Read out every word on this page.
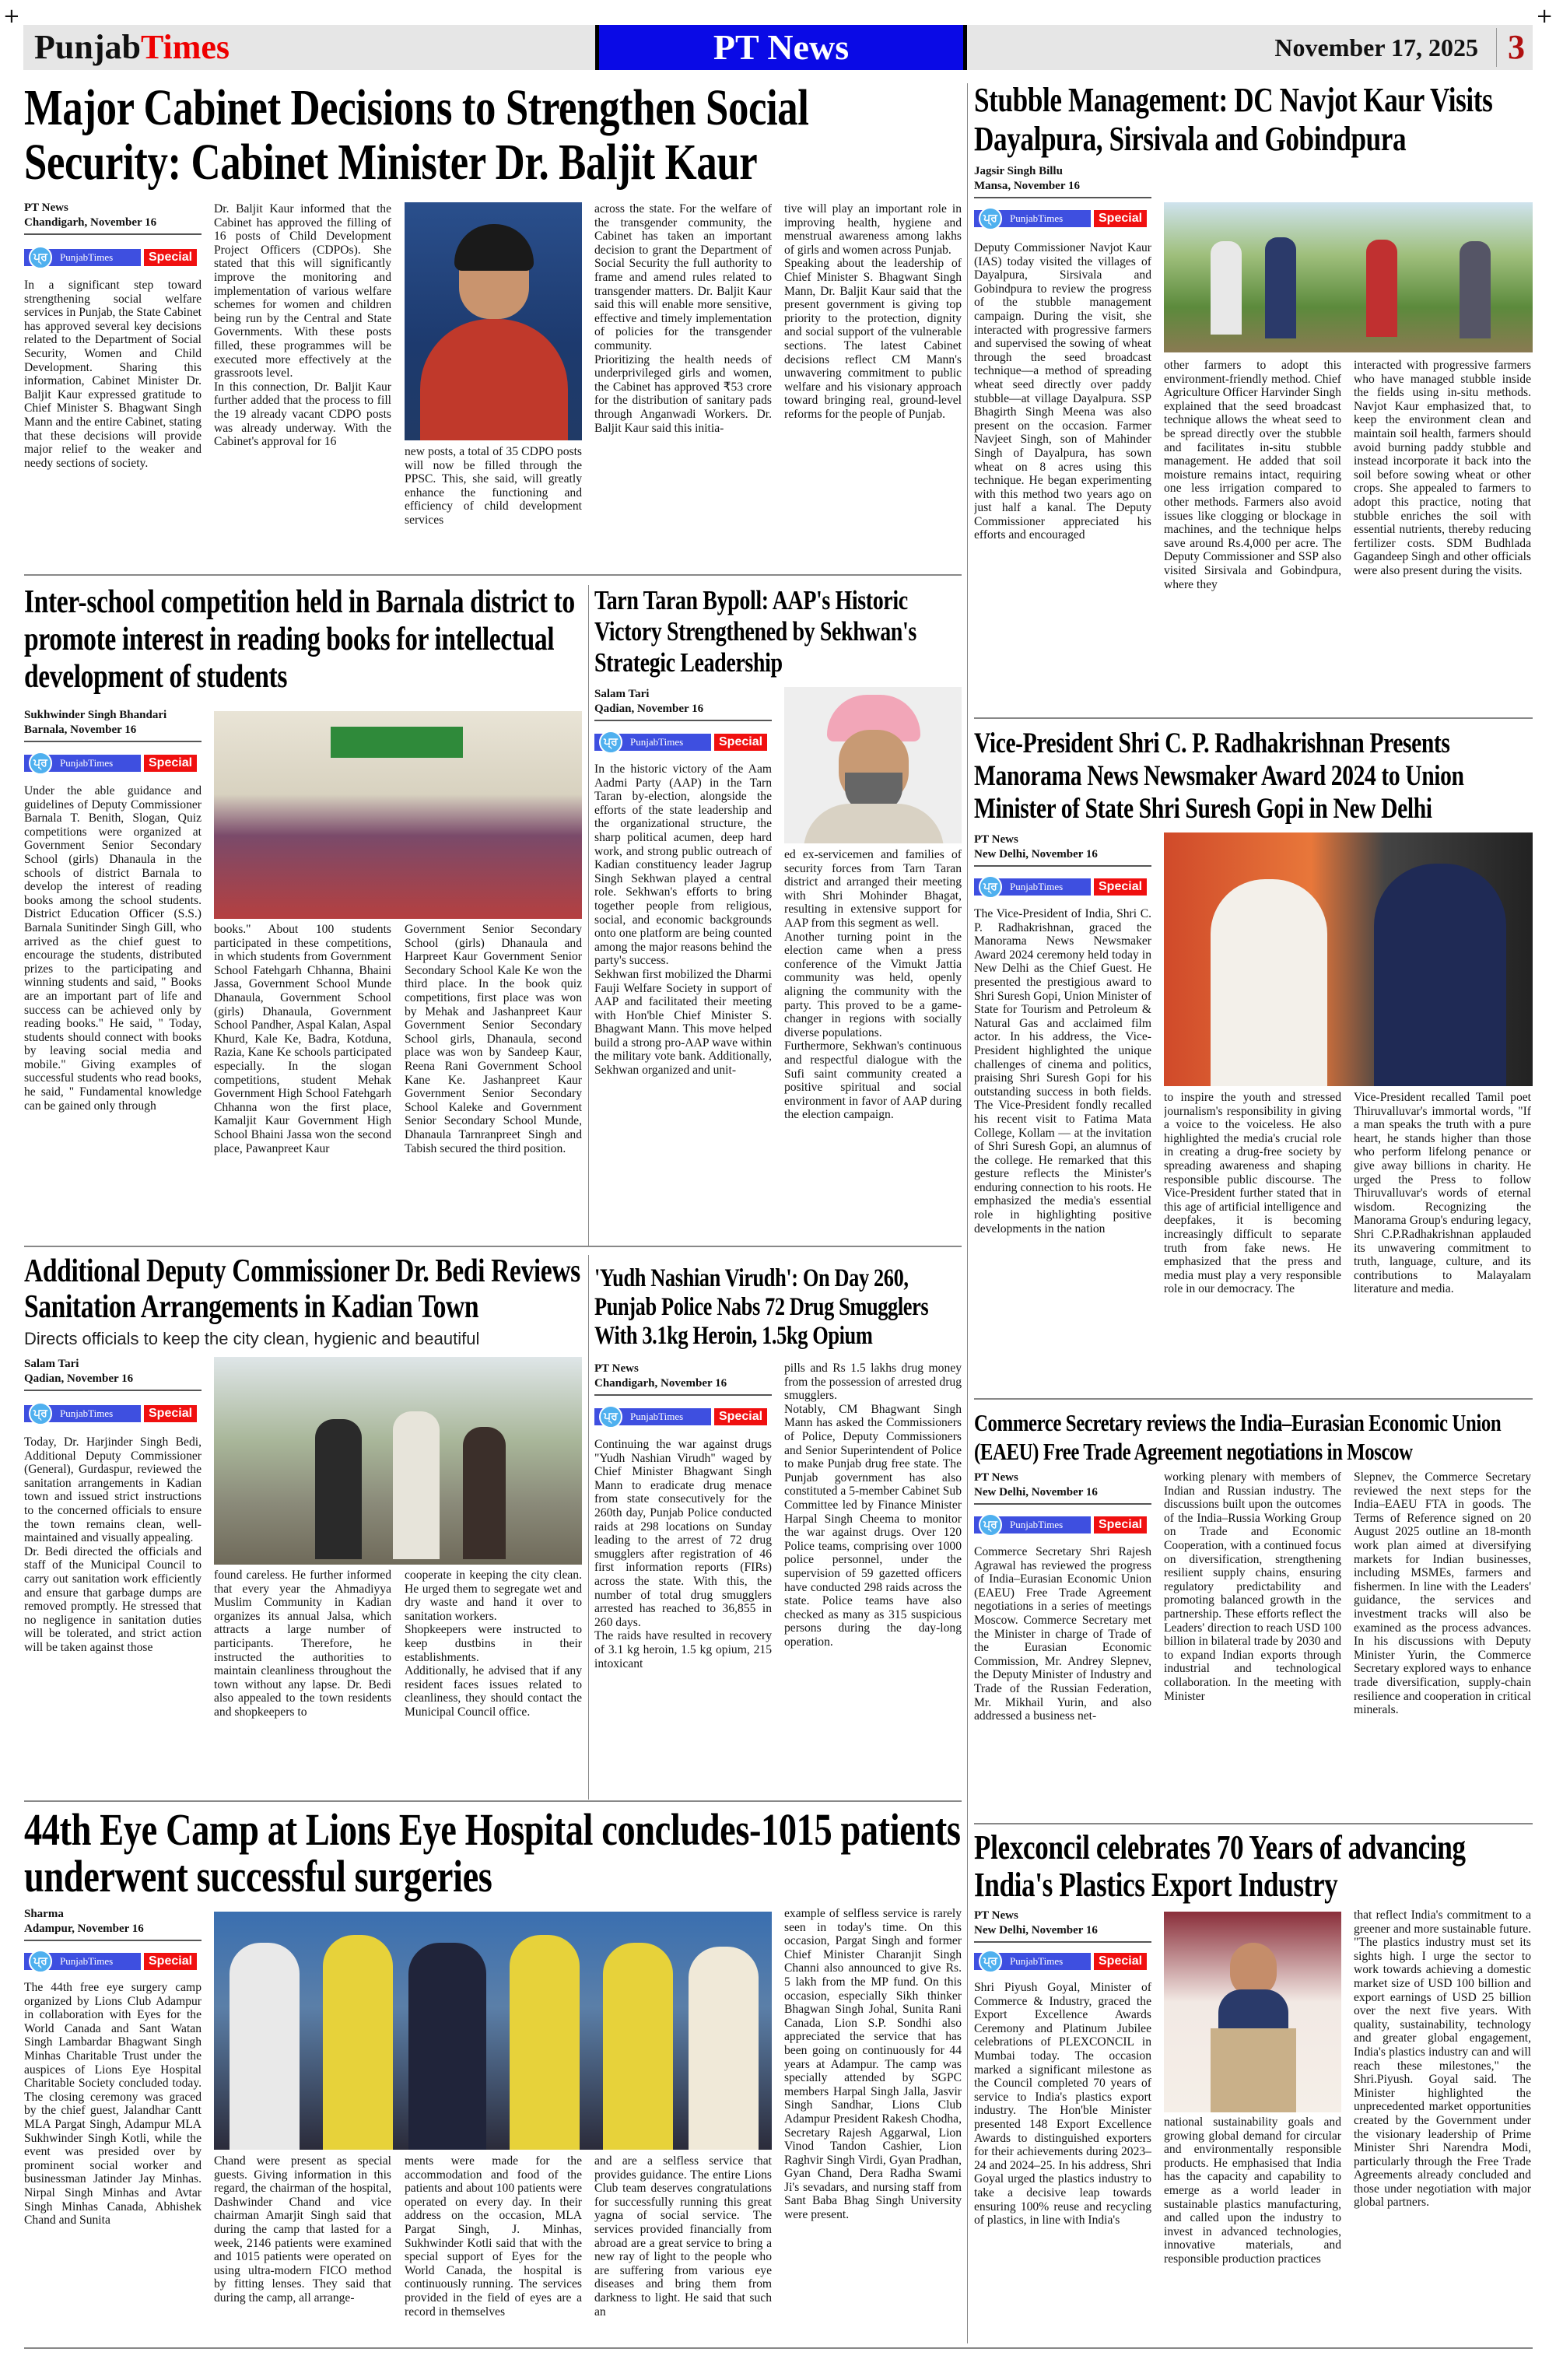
+	+
PunjabTimes	PT News	November 17, 2025 3
Major Cabinet Decisions to Strengthen Social Security: Cabinet Minister Dr. Baljit Kaur
PT News
Chandigarh, November 16
ਪ੍ਰ	PunjabTimes	Special
In a significant step toward strengthening social welfare services in Punjab, the State Cabinet has approved several key decisions related to the Department of Social Security, Women and Child Development. Sharing this information, Cabinet Minister Dr. Baljit Kaur expressed gratitude to Chief Minister S. Bhagwant Singh Mann and the entire Cabinet, stating that these decisions will provide major relief to the weaker and needy sections of society.
Dr. Baljit Kaur informed that the Cabinet has approved the filling of 16 posts of Child Development Project Officers (CDPOs). She stated that this will significantly improve the monitoring and implementation of various welfare schemes for women and children being run by the Central and State Governments. With these posts filled, these programmes will be executed more effectively at the grassroots level.
In this connection, Dr. Baljit Kaur further added that the process to fill the 19 already vacant CDPO posts was already underway. With the Cabinet's approval for 16
new posts, a total of 35 CDPO posts will now be filled through the PPSC. This, she said, will greatly enhance the functioning and efficiency of child development services
across the state. For the welfare of the transgender community, the Cabinet has taken an important decision to grant the Department of Social Security the full authority to frame and amend rules related to transgender matters. Dr. Baljit Kaur said this will enable more sensitive, effective and timely implementation of policies for the transgender community.
Prioritizing the health needs of underprivileged girls and women, the Cabinet has approved ₹53 crore for the distribution of sanitary pads through Anganwadi Workers. Dr. Baljit Kaur said this initia-
tive will play an important role in improving health, hygiene and menstrual awareness among lakhs of girls and women across Punjab.
Speaking about the leadership of Chief Minister S. Bhagwant Singh Mann, Dr. Baljit Kaur said that the present government is giving top priority to the protection, dignity and social support of the vulnerable sections. The latest Cabinet decisions reflect CM Mann's unwavering commitment to public welfare and his visionary approach toward bringing real, ground-level reforms for the people of Punjab.
Stubble Management: DC Navjot Kaur Visits Dayalpura, Sirsivala and Gobindpura
Jagsir Singh Billu
Mansa, November 16
ਪ੍ਰ	PunjabTimes	Special
Deputy Commissioner Navjot Kaur (IAS) today visited the villages of Dayalpura, Sirsivala and Gobindpura to review the progress of the stubble management campaign. During the visit, she interacted with progressive farmers and supervised the sowing of wheat through the seed broadcast technique—a method of spreading wheat seed directly over paddy stubble—at village Dayalpura. SSP Bhagirth Singh Meena was also present on the occasion. Farmer Navjeet Singh, son of Mahinder Singh of Dayalpura, has sown wheat on 8 acres using this technique. He began experimenting with this method two years ago on just half a kanal. The Deputy Commissioner appreciated his efforts and encouraged
other farmers to adopt this environment-friendly method. Chief Agriculture Officer Harvinder Singh explained that the seed broadcast technique allows the wheat seed to be spread directly over the stubble and facilitates in-situ stubble management. He added that soil moisture remains intact, requiring one less irrigation compared to other methods. Farmers also avoid issues like clogging or blockage in machines, and the technique helps save around Rs.4,000 per acre. The Deputy Commissioner and SSP also visited Sirsivala and Gobindpura, where they
interacted with progressive farmers who have managed stubble inside the fields using in-situ methods. Navjot Kaur emphasized that, to keep the environment clean and maintain soil health, farmers should avoid burning paddy stubble and instead incorporate it back into the soil before sowing wheat or other crops. She appealed to farmers to adopt this practice, noting that stubble enriches the soil with essential nutrients, thereby reducing fertilizer costs. SDM Budhlada Gagandeep Singh and other officials were also present during the visits.
Inter-school competition held in Barnala district to promote interest in reading books for intellectual development of students
Sukhwinder Singh Bhandari
Barnala, November 16
ਪ੍ਰ	PunjabTimes	Special
Under the able guidance and guidelines of Deputy Commissioner Barnala T. Benith, Slogan, Quiz competitions were organized at Government Senior Secondary School (girls) Dhanaula in the schools of district Barnala to develop the interest of reading books among the school students. District Education Officer (S.S.) Barnala Sunitinder Singh Gill, who arrived as the chief guest to encourage the students, distributed prizes to the participating and winning students and said, " Books are an important part of life and success can be achieved only by reading books." He said, " Today, students should connect with books by leaving social media and mobile." Giving examples of successful students who read books, he said, " Fundamental knowledge can be gained only through
books." About 100 students participated in these competitions, in which students from Government School Fatehgarh Chhanna, Bhaini Jassa, Government School Munde Dhanaula, Government School (girls) Dhanaula, Government School Pandher, Aspal Kalan, Aspal Khurd, Kale Ke, Badra, Kotduna, Razia, Kane Ke schools participated especially. In the slogan competitions, student Mehak Government High School Fatehgarh Chhanna won the first place, Kamaljit Kaur Government High School Bhaini Jassa won the second place, Pawanpreet Kaur
Government Senior Secondary School (girls) Dhanaula and Harpreet Kaur Government Senior Secondary School Kale Ke won the third place. In the book quiz competitions, first place was won by Mehak and Jashanpreet Kaur Government Senior Secondary School girls, Dhanaula, second place was won by Sandeep Kaur, Reena Rani Government School Kane Ke. Jashanpreet Kaur Government Senior Secondary School Kaleke and Government Senior Secondary School Munde, Dhanaula Tarnranpreet Singh and Tabish secured the third position.
Tarn Taran Bypoll: AAP's Historic Victory Strengthened by Sekhwan's Strategic Leadership
Salam Tari
Qadian, November 16
ਪ੍ਰ	PunjabTimes	Special
In the historic victory of the Aam Aadmi Party (AAP) in the Tarn Taran by-election, alongside the efforts of the state leadership and the organizational structure, the sharp political acumen, deep hard work, and strong public outreach of Kadian constituency leader Jagrup Singh Sekhwan played a central role. Sekhwan's efforts to bring together people from religious, social, and economic backgrounds onto one platform are being counted among the major reasons behind the party's success.
Sekhwan first mobilized the Dharmi Fauji Welfare Society in support of AAP and facilitated their meeting with Hon'ble Chief Minister S. Bhagwant Mann. This move helped build a strong pro-AAP wave within the military vote bank. Additionally, Sekhwan organized and unit-
ed ex-servicemen and families of security forces from Tarn Taran district and arranged their meeting with Shri Mohinder Bhagat, resulting in extensive support for AAP from this segment as well.
Another turning point in the election came when a press conference of the Vimukt Jattia community was held, openly aligning the community with the party. This proved to be a game-changer in regions with socially diverse populations.
Furthermore, Sekhwan's continuous and respectful dialogue with the Sufi saint community created a positive spiritual and social environment in favor of AAP during the election campaign.
Vice-President Shri C. P. Radhakrishnan Presents Manorama News Newsmaker Award 2024 to Union Minister of State Shri Suresh Gopi in New Delhi
PT News
New Delhi, November 16
ਪ੍ਰ	PunjabTimes	Special
The Vice-President of India, Shri C. P. Radhakrishnan, graced the Manorama News Newsmaker Award 2024 ceremony held today in New Delhi as the Chief Guest. He presented the prestigious award to Shri Suresh Gopi, Union Minister of State for Tourism and Petroleum & Natural Gas and acclaimed film actor. In his address, the Vice-President highlighted the unique challenges of cinema and politics, praising Shri Suresh Gopi for his outstanding success in both fields. The Vice-President fondly recalled his recent visit to Fatima Mata College, Kollam — at the invitation of Shri Suresh Gopi, an alumnus of the college. He remarked that this gesture reflects the Minister's enduring connection to his roots. He emphasized the media's essential role in highlighting positive developments in the nation
to inspire the youth and stressed journalism's responsibility in giving a voice to the voiceless. He also highlighted the media's crucial role in creating a drug-free society by spreading awareness and shaping responsible public discourse. The Vice-President further stated that in this age of artificial intelligence and deepfakes, it is becoming increasingly difficult to separate truth from fake news. He emphasized that the press and media must play a very responsible role in our democracy. The
Vice-President recalled Tamil poet Thiruvalluvar's immortal words, "If a man speaks the truth with a pure heart, he stands higher than those who perform lifelong penance or give away billions in charity. He urged the Press to follow Thiruvalluvar's words of eternal wisdom. Recognizing the Manorama Group's enduring legacy, Shri C.P.Radhakrishnan applauded its unwavering commitment to truth, language, culture, and its contributions to Malayalam literature and media.
Additional Deputy Commissioner Dr. Bedi Reviews Sanitation Arrangements in Kadian Town
Directs officials to keep the city clean, hygienic and beautiful
Salam Tari
Qadian, November 16
ਪ੍ਰ	PunjabTimes	Special
Today, Dr. Harjinder Singh Bedi, Additional Deputy Commissioner (General), Gurdaspur, reviewed the sanitation arrangements in Kadian town and issued strict instructions to the concerned officials to ensure the town remains clean, well-maintained and visually appealing.
Dr. Bedi directed the officials and staff of the Municipal Council to carry out sanitation work efficiently and ensure that garbage dumps are removed promptly. He stressed that no negligence in sanitation duties will be tolerated, and strict action will be taken against those
found careless. He further informed that every year the Ahmadiyya Muslim Community in Kadian organizes its annual Jalsa, which attracts a large number of participants. Therefore, he instructed the authorities to maintain cleanliness throughout the town without any lapse. Dr. Bedi also appealed to the town residents and shopkeepers to
cooperate in keeping the city clean. He urged them to segregate wet and dry waste and hand it over to sanitation workers.
Shopkeepers were instructed to keep dustbins in their establishments.
Additionally, he advised that if any resident faces issues related to cleanliness, they should contact the Municipal Council office.
'Yudh Nashian Virudh': On Day 260, Punjab Police Nabs 72 Drug Smugglers With 3.1kg Heroin, 1.5kg Opium
PT News
Chandigarh, November 16
ਪ੍ਰ	PunjabTimes	Special
Continuing the war against drugs "Yudh Nashian Virudh" waged by Chief Minister Bhagwant Singh Mann to eradicate drug menace from state consecutively for the 260th day, Punjab Police conducted raids at 298 locations on Sunday leading to the arrest of 72 drug smugglers after registration of 46 first information reports (FIRs) across the state. With this, the number of total drug smugglers arrested has reached to 36,855 in 260 days.
The raids have resulted in recovery of 3.1 kg heroin, 1.5 kg opium, 215 intoxicant
pills and Rs 1.5 lakhs drug money from the possession of arrested drug smugglers.
Notably, CM Bhagwant Singh Mann has asked the Commissioners of Police, Deputy Commissioners and Senior Superintendent of Police to make Punjab drug free state. The Punjab government has also constituted a 5-member Cabinet Sub Committee led by Finance Minister Harpal Singh Cheema to monitor the war against drugs. Over 120 Police teams, comprising over 1000 police personnel, under the supervision of 59 gazetted officers have conducted 298 raids across the state. Police teams have also checked as many as 315 suspicious persons during the day-long operation.
Commerce Secretary reviews the India–Eurasian Economic Union (EAEU) Free Trade Agreement negotiations in Moscow
PT News
New Delhi, November 16
ਪ੍ਰ	PunjabTimes	Special
Commerce Secretary Shri Rajesh Agrawal has reviewed the progress of India–Eurasian Economic Union (EAEU) Free Trade Agreement negotiations in a series of meetings Moscow. Commerce Secretary met the Minister in charge of Trade of the Eurasian Economic Commission, Mr. Andrey Slepnev, the Deputy Minister of Industry and Trade of the Russian Federation, Mr. Mikhail Yurin, and also addressed a business net-
working plenary with members of Indian and Russian industry. The discussions built upon the outcomes of the India–Russia Working Group on Trade and Economic Cooperation, with a continued focus on diversification, strengthening resilient supply chains, ensuring regulatory predictability and promoting balanced growth in the partnership. These efforts reflect the Leaders' direction to reach USD 100 billion in bilateral trade by 2030 and to expand Indian exports through industrial and technological collaboration. In the meeting with Minister
Slepnev, the Commerce Secretary reviewed the next steps for the India–EAEU FTA in goods. The Terms of Reference signed on 20 August 2025 outline an 18-month work plan aimed at diversifying markets for Indian businesses, including MSMEs, farmers and fishermen. In line with the Leaders' guidance, the services and investment tracks will also be examined as the process advances. In his discussions with Deputy Minister Yurin, the Commerce Secretary explored ways to enhance trade diversification, supply-chain resilience and cooperation in critical minerals.
44th Eye Camp at Lions Eye Hospital concludes-1015 patients underwent successful surgeries
Sharma
Adampur, November 16
ਪ੍ਰ	PunjabTimes	Special
The 44th free eye surgery camp organized by Lions Club Adampur in collaboration with Eyes for the World Canada and Sant Watan Singh Lambardar Bhagwant Singh Minhas Charitable Trust under the auspices of Lions Eye Hospital Charitable Society concluded today. The closing ceremony was graced by the chief guest, Jalandhar Cantt MLA Pargat Singh, Adampur MLA Sukhwinder Singh Kotli, while the event was presided over by prominent social worker and businessman Jatinder Jay Minhas. Nirpal Singh Minhas and Avtar Singh Minhas Canada, Abhishek Chand and Sunita
Chand were present as special guests. Giving information in this regard, the chairman of the hospital, Dashwinder Chand and vice chairman Amarjit Singh said that during the camp that lasted for a week, 2146 patients were examined and 1015 patients were operated on using ultra-modern FICO method by fitting lenses. They said that during the camp, all arrange-
ments were made for the accommodation and food of the patients and about 100 patients were operated on every day. In their address on the occasion, MLA Pargat Singh, J. Minhas, Sukhwinder Kotli said that with the special support of Eyes for the World Canada, the hospital is continuously running. The services provided in the field of eyes are a record in themselves
and are a selfless service that provides guidance. The entire Lions Club team deserves congratulations for successfully running this great yagna of social service. The services provided financially from abroad are a great service to bring a new ray of light to the people who are suffering from various eye diseases and bring them from darkness to light. He said that such an
example of selfless service is rarely seen in today's time. On this occasion, Pargat Singh and former Chief Minister Charanjit Singh Channi also announced to give Rs. 5 lakh from the MP fund. On this occasion, especially Sikh thinker Bhagwan Singh Johal, Sunita Rani Canada, Lion S.P. Sondhi also appreciated the service that has been going on continuously for 44 years at Adampur. The camp was specially attended by SGPC members Harpal Singh Jalla, Jasvir Singh Sandhar, Lions Club Adampur President Rakesh Chodha, Secretary Rajesh Aggarwal, Lion Vinod Tandon Cashier, Lion Raghvir Singh Virdi, Gyan Pradhan, Gyan Chand, Dera Radha Swami Ji's sevadars, and nursing staff from Sant Baba Bhag Singh University were present.
Plexconcil celebrates 70 Years of advancing India's Plastics Export Industry
PT News
New Delhi, November 16
ਪ੍ਰ	PunjabTimes	Special
Shri Piyush Goyal, Minister of Commerce & Industry, graced the Export Excellence Awards Ceremony and Platinum Jubilee celebrations of PLEXCONCIL in Mumbai today. The occasion marked a significant milestone as the Council completed 70 years of service to India's plastics export industry. The Hon'ble Minister presented 148 Export Excellence Awards to distinguished exporters for their achievements during 2023–24 and 2024–25. In his address, Shri Goyal urged the plastics industry to take a decisive leap towards ensuring 100% reuse and recycling of plastics, in line with India's
national sustainability goals and growing global demand for circular and environmentally responsible products. He emphasised that India has the capacity and capability to emerge as a world leader in sustainable plastics manufacturing, and called upon the industry to invest in advanced technologies, innovative materials, and responsible production practices
that reflect India's commitment to a greener and more sustainable future. "The plastics industry must set its sights high. I urge the sector to work towards achieving a domestic market size of USD 100 billion and export earnings of USD 25 billion over the next five years. With quality, sustainability, technology and greater global engagement, India's plastics industry can and will reach these milestones," the Shri.Piyush. Goyal said. The Minister highlighted the unprecedented market opportunities created by the Government under the visionary leadership of Prime Minister Shri Narendra Modi, particularly through the Free Trade Agreements already concluded and those under negotiation with major global partners.
